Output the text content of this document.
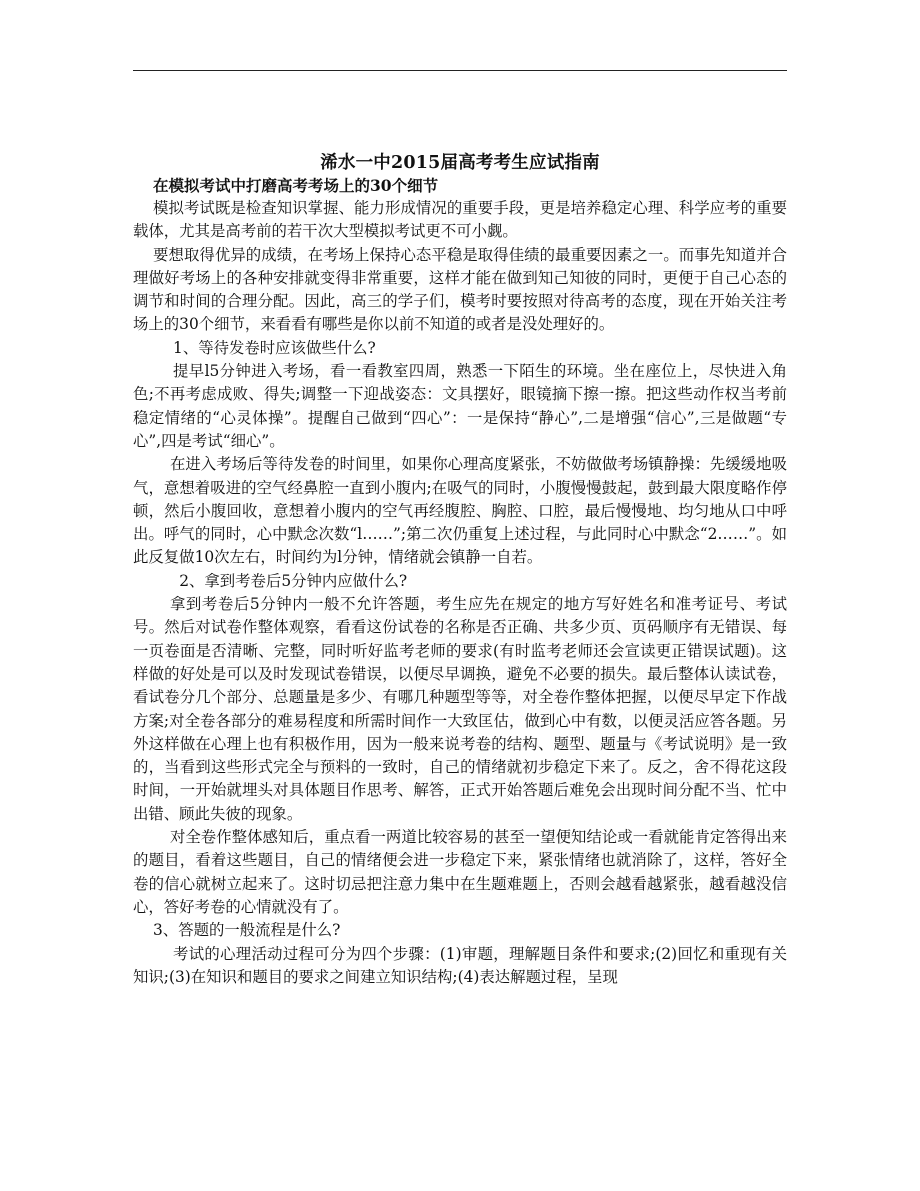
浠水一中2015届高考考生应试指南
在模拟考试中打磨高考考场上的30个细节

模拟考试既是检查知识掌握、能力形成情况的重要手段，更是培养稳定心理、科学应考的重要载体，尤其是高考前的若干次大型模拟考试更不可小觑。

要想取得优异的成绩，在考场上保持心态平稳是取得佳绩的最重要因素之一。而事先知道并合理做好考场上的各种安排就变得非常重要，这样才能在做到知己知彼的同时，更便于自己心态的调节和时间的合理分配。因此，高三的学子们，模考时要按照对待高考的态度，现在开始关注考场上的30个细节，来看看有哪些是你以前不知道的或者是没处理好的。

1、等待发卷时应该做些什么?

提早l5分钟进入考场，看一看教室四周，熟悉一下陌生的环境。坐在座位上，尽快进入角色;不再考虑成败、得失;调整一下迎战姿态：文具摆好，眼镜摘下擦一擦。把这些动作权当考前稳定情绪的“心灵体操”。提醒自己做到“四心”：一是保持“静心”,二是增强“信心”,三是做题“专心”,四是考试“细心”。

在进入考场后等待发卷的时间里，如果你心理高度紧张，不妨做做考场镇静操：先缓缓地吸气，意想着吸进的空气经鼻腔一直到小腹内;在吸气的同时，小腹慢慢鼓起，鼓到最大限度略作停顿，然后小腹回收，意想着小腹内的空气再经腹腔、胸腔、口腔，最后慢慢地、均匀地从口中呼出。呼气的同时，心中默念次数“l……”;第二次仍重复上述过程，与此同时心中默念“2……”。如此反复做10次左右，时间约为l分钟，情绪就会镇静一自若。

2、拿到考卷后5分钟内应做什么?

拿到考卷后5分钟内一般不允许答题，考生应先在规定的地方写好姓名和准考证号、考试号。然后对试卷作整体观察，看看这份试卷的名称是否正确、共多少页、页码顺序有无错误、每一页卷面是否清晰、完整，同时听好监考老师的要求(有时监考老师还会宣读更正错误试题)。这样做的好处是可以及时发现试卷错误，以便尽早调换，避免不必要的损失。最后整体认读试卷，看试卷分几个部分、总题量是多少、有哪几种题型等等，对全卷作整体把握，以便尽早定下作战方案;对全卷各部分的难易程度和所需时间作一大致匡估，做到心中有数，以便灵活应答各题。另外这样做在心理上也有积极作用，因为一般来说考卷的结构、题型、题量与《考试说明》是一致的，当看到这些形式完全与预料的一致时，自己的情绪就初步稳定下来了。反之，舍不得花这段时间，一开始就埋头对具体题目作思考、解答，正式开始答题后难免会出现时间分配不当、忙中出错、顾此失彼的现象。

对全卷作整体感知后，重点看一两道比较容易的甚至一望便知结论或一看就能肯定答得出来的题目，看着这些题目，自己的情绪便会进一步稳定下来，紧张情绪也就消除了，这样，答好全卷的信心就树立起来了。这时切忌把注意力集中在生题难题上，否则会越看越紧张，越看越没信心，答好考卷的心情就没有了。

3、答题的一般流程是什么?

考试的心理活动过程可分为四个步骤：(1)审题，理解题目条件和要求;(2)回忆和重现有关知识;(3)在知识和题目的要求之间建立知识结构;(4)表达解题过程，呈现
